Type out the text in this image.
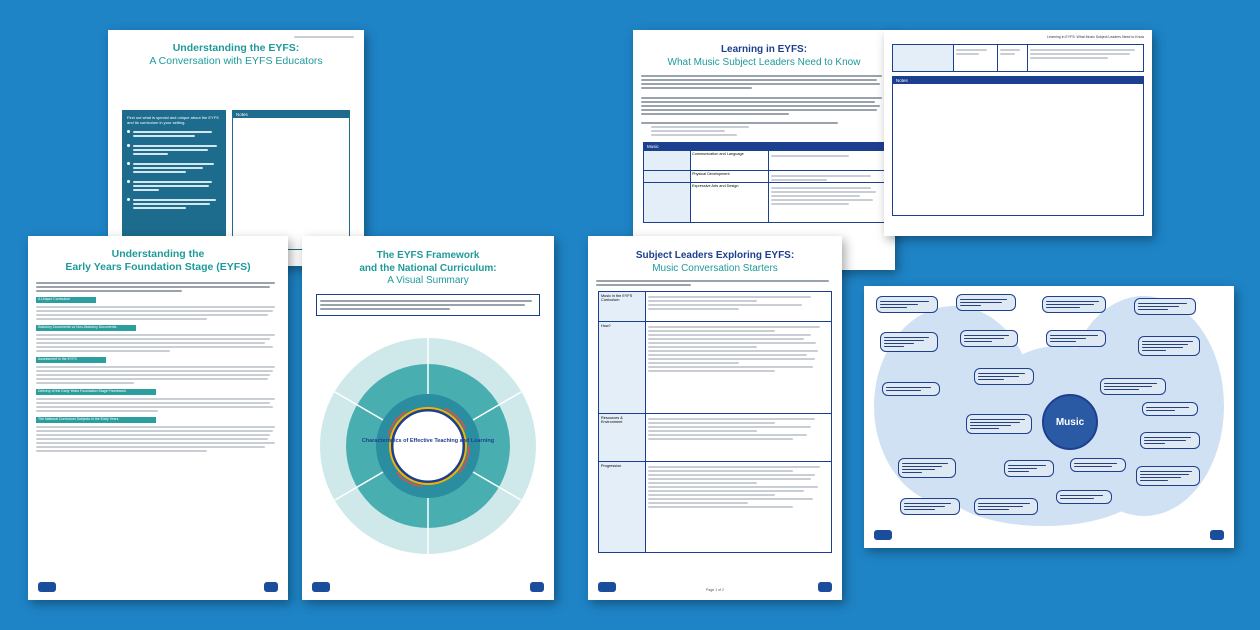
Understanding the EYFS:
A Conversation with EYFS Educators
Find out what is special and unique about the EYFS and its curriculum in your setting.
Notes
Understanding the
Early Years Foundation Stage (EYFS)
A Unique Curriculum
Statutory Documents vs Non-Statutory Documents
Assessment in the EYFS
Delivery of the Early Years Foundation Stage Framework
The National Curriculum Subjects in the Early Years
The EYFS Framework
and the National Curriculum:
A Visual Summary
Characteristics of Effective Teaching and Learning
Learning in EYFS:
What Music Subject Leaders Need to Know
Music
Communication and Language
Physical Development
Expressive Arts and Design
Learning in EYFS: What Music Subject Leaders Need to Know
Notes
Subject Leaders Exploring EYFS:
Music Conversation Starters
Music in the EYFS Curriculum
How?
Resources & Environment
Progression
Page 1 of 2
Music
